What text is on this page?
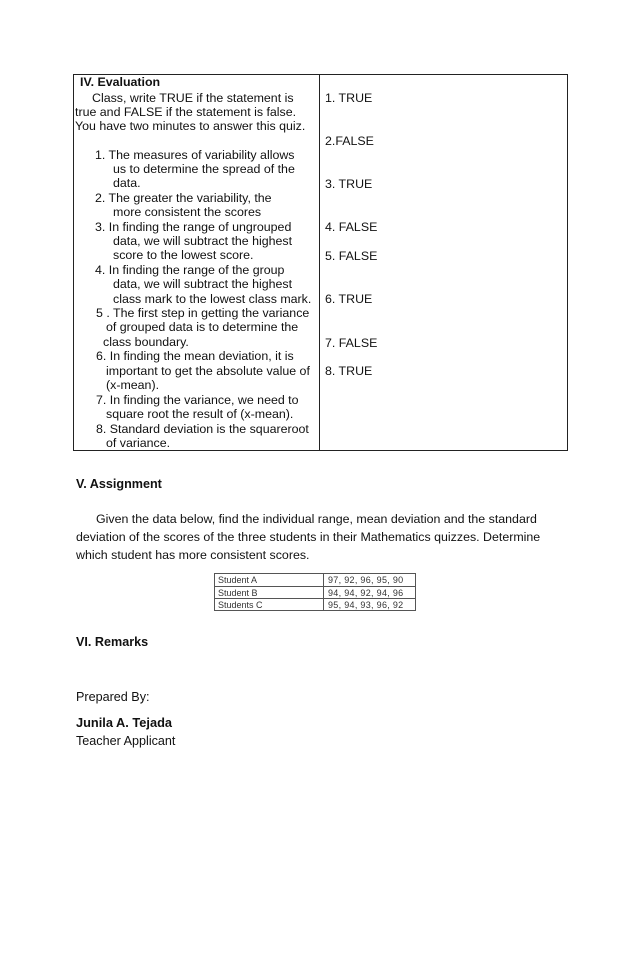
IV. Evaluation
Class, write TRUE if the statement is
true and FALSE if the statement is false.
You have two minutes to answer this quiz.
1. The measures of variability allows
us to determine the spread of the
data.
2. The greater the variability, the
more consistent the scores
3. In finding the range of ungrouped
data, we will subtract the highest
score to the lowest score.
4. In finding the range of the group
data, we will subtract the highest
class mark to the lowest class mark.
5 . The first step in getting the variance
of grouped data is to determine the
class boundary.
6. In finding the mean deviation, it is
important to get the absolute value of
(x-mean).
7. In finding the variance, we need to
square root the result of (x-mean).
8. Standard deviation is the squareroot
of variance.
1. TRUE
2.FALSE
3. TRUE
4. FALSE
5. FALSE
6. TRUE
7. FALSE
8. TRUE
V. Assignment
Given the data below, find the individual range, mean deviation and the standard
deviation of the scores of the three students in their Mathematics quizzes. Determine
which student has more consistent scores.
Student A	97, 92, 96, 95, 90
Student B	94, 94, 92, 94, 96
Students C	95, 94, 93, 96, 92
VI. Remarks
Prepared By:
Junila A. Tejada
Teacher Applicant
